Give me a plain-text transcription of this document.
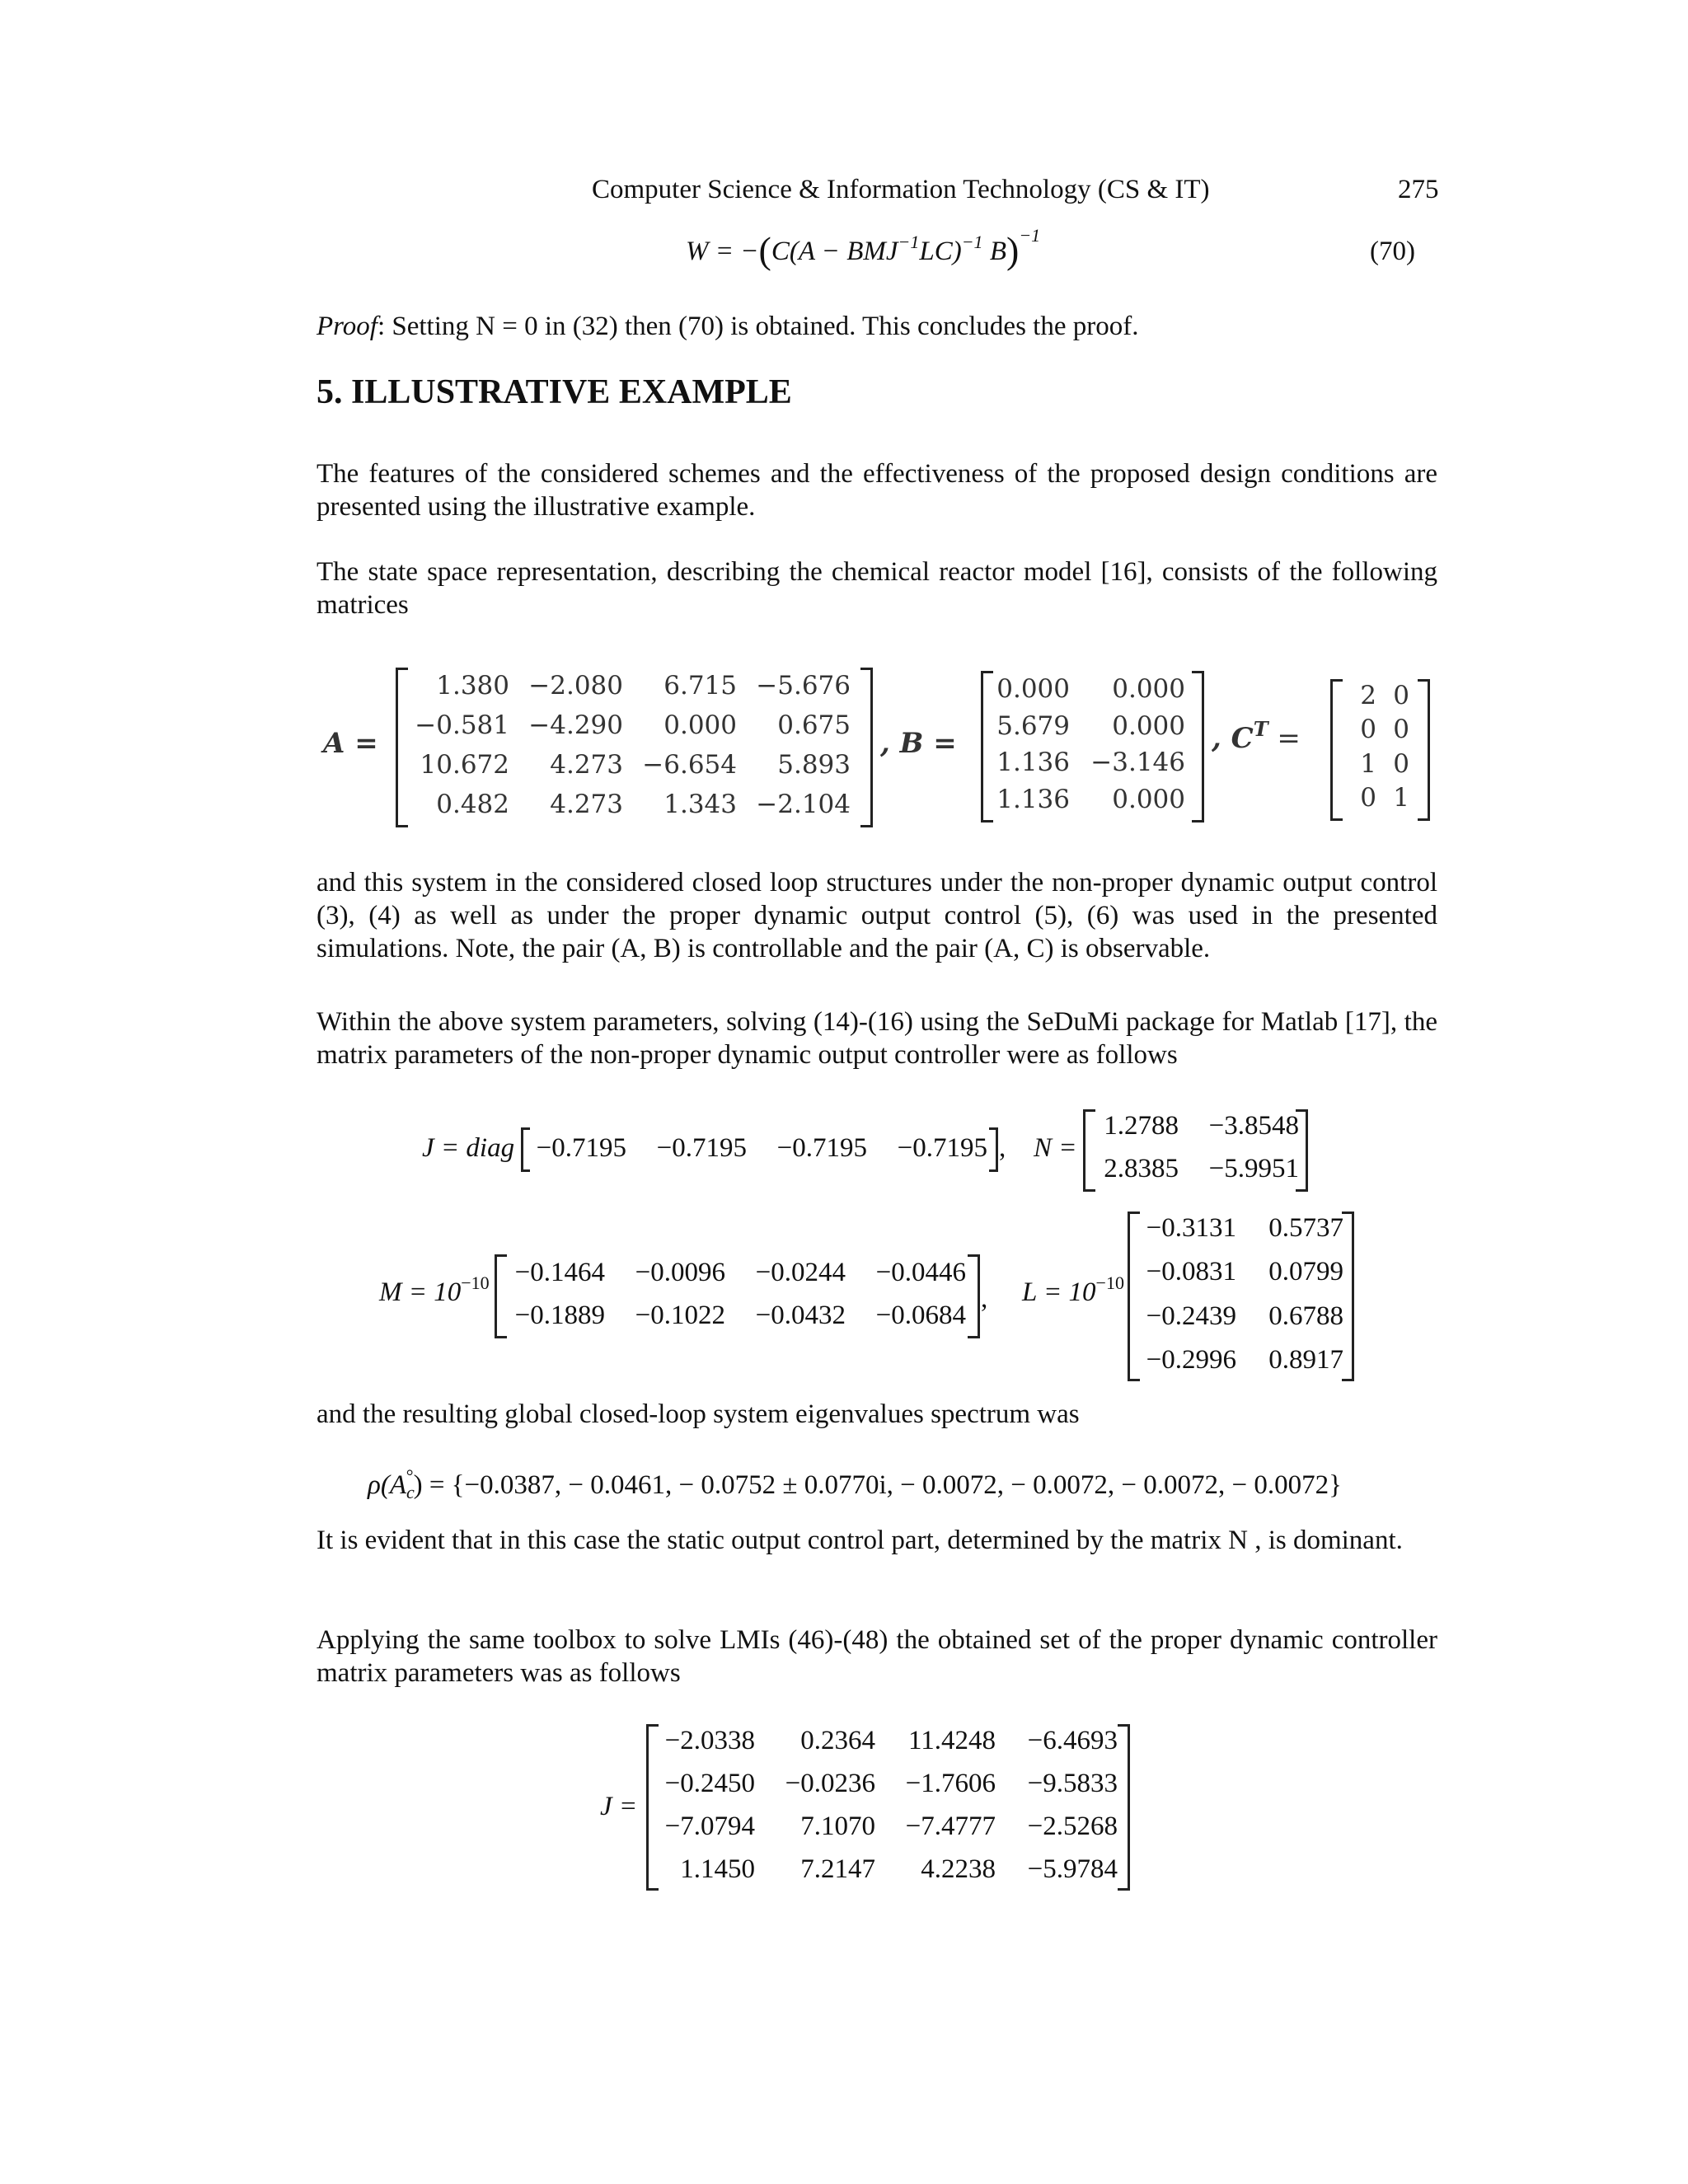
Computer Science & Information Technology (CS & IT)	275
$W = -(C(A - BMJ^{-1}LC)^{-1}$ B)$^{-1}$
(70)
Proof: Setting N = 0 in (32) then (70) is obtained. This concludes the proof.
5. ILLUSTRATIVE EXAMPLE

The features of the considered schemes and the effectiveness of the proposed design conditions are presented using the illustrative example.

The state space representation, describing the chemical reactor model [16], consists of the following matrices

A =
1.380 −2.080	6.715 −5.676
−0.581 −4.290	0.000	0.675
10.672	4.273 −6.654	5.893
0.482	4.273	1.343 −2.104
, B =
0.000	0.000
5.679	0.000
1.136 −3.146
1.136	0.000
, $C^T$ =
2 0
0 0
1 0
0 1

and this system in the considered closed loop structures under the non-proper dynamic output control (3), (4) as well as under the proper dynamic output control (5), (6) was used in the presented simulations. Note, the pair (A, B) is controllable and the pair (A, C) is observable.

Within the above system parameters, solving (14)-(16) using the SeDuMi package for Matlab [17], the matrix parameters of the non-proper dynamic output controller were as follows

J = diag −0.7195	−0.7195	−0.7195	−0.7195 , N =
1.2788	−3.8548
2.8385	−5.9951
$M = 10^{-10} -0.1464$	−0.0096	−0.0244	−0.0446
−0.1889	−0.1022	−0.0432	−0.0684
, $L = 10^{-10}$
−0.3131	0.5737
−0.0831	0.0799
−0.2439	0.6788
−0.2996	0.8917

and the resulting global closed-loop system eigenvalues spectrum was

$\rho(A_c^\circ) = \{-0.0387$, − 0.0461, − 0.0752 ± 0.0770i, − 0.0072, − 0.0072, − 0.0072, − 0.0072}

It is evident that in this case the static output control part, determined by the matrix N , is dominant.

Applying the same toolbox to solve LMIs (46)-(48) the obtained set of the proper dynamic controller matrix parameters was as follows

J =
−2.0338	0.2364	11.4248	−6.4693
−0.2450	−0.0236	−1.7606	−9.5833
−7.0794	7.1070	−7.4777	−2.5268
1.1450	7.2147	4.2238	−5.9784
